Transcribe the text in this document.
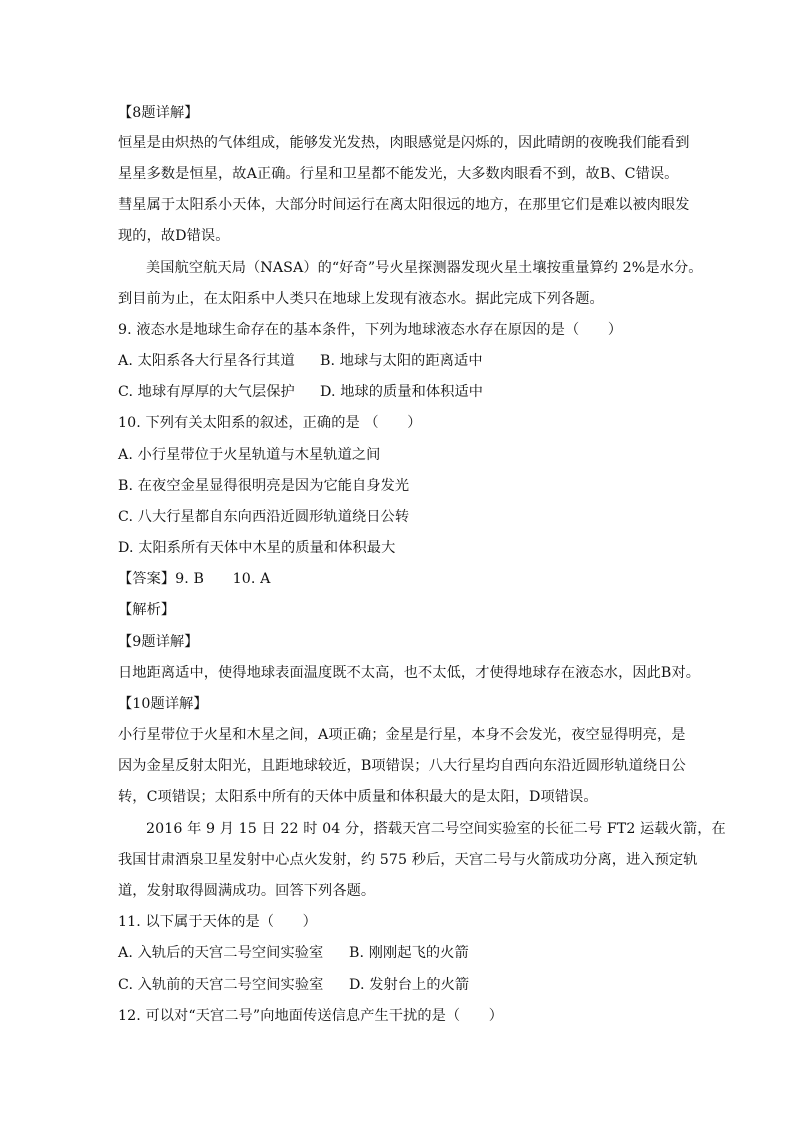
【8题详解】
恒星是由炽热的气体组成，能够发光发热，肉眼感觉是闪烁的，因此晴朗的夜晚我们能看到
星星多数是恒星，故A正确。行星和卫星都不能发光，大多数肉眼看不到，故B、C错误。
彗星属于太阳系小天体，大部分时间运行在离太阳很远的地方，在那里它们是难以被肉眼发
现的，故D错误。
美国航空航天局（NASA）的“好奇”号火星探测器发现火星土壤按重量算约 2%是水分。
到目前为止，在太阳系中人类只在地球上发现有液态水。据此完成下列各题。
9. 液态水是地球生命存在的基本条件，下列为地球液态水存在原因的是（　　）
A. 太阳系各大行星各行其道 B. 地球与太阳的距离适中
C. 地球有厚厚的大气层保护 D. 地球的质量和体积适中
10. 下列有关太阳系的叙述，正确的是 （　　）
A. 小行星带位于火星轨道与木星轨道之间
B. 在夜空金星显得很明亮是因为它能自身发光
C. 八大行星都自东向西沿近圆形轨道绕日公转
D. 太阳系所有天体中木星的质量和体积最大
【答案】9. B　　10. A
【解析】
【9题详解】
日地距离适中，使得地球表面温度既不太高，也不太低，才使得地球存在液态水，因此B对。
【10题详解】
小行星带位于火星和木星之间，A项正确；金星是行星，本身不会发光，夜空显得明亮，是
因为金星反射太阳光，且距地球较近，B项错误；八大行星均自西向东沿近圆形轨道绕日公
转，C项错误；太阳系中所有的天体中质量和体积最大的是太阳，D项错误。
2016 年 9 月 15 日 22 时 04 分，搭载天宫二号空间实验室的长征二号 FT2 运载火箭，在
我国甘肃酒泉卫星发射中心点火发射，约 575 秒后，天宫二号与火箭成功分离，进入预定轨
道，发射取得圆满成功。回答下列各题。
11. 以下属于天体的是（　　）
A. 入轨后的天宫二号空间实验室 B. 刚刚起飞的火箭
C. 入轨前的天宫二号空间实验室 D. 发射台上的火箭
12. 可以对“天宫二号”向地面传送信息产生干扰的是（　　）
